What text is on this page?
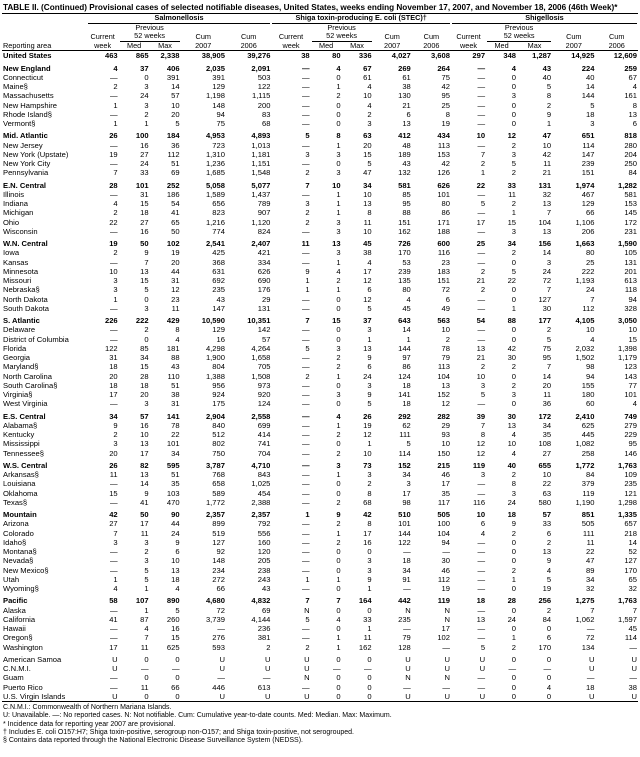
TABLE II. (Continued) Provisional cases of selected notifiable diseases, United States, weeks ending November 17, 2007, and November 18, 2006 (46th Week)*

	Salmonellosis					Shiga toxin-producing E. coli (STEC)†					Shigellosis				

		Previous					Previous					Previous			
	Current	52 weeks		Cum	Cum	Current	52 weeks		Cum	Cum	Current	52 weeks		Cum	Cum
Reporting area	week	Med	Max	2007	2006	week	Med	Max	2007	2006	week	Med	Max	2007	2006
United States	463	865	2,338	38,905	39,276	38	80	336	4,027	3,608	297	348	1,287	14,925	12,609

New England	4	37	406	2,035	2,091	—	4	67	269	264	—	4	43	224	259
Connecticut	—	0	391	391	503	—	0	61	61	75	—	0	40	40	67
Maine§	2	3	14	129	122	—	1	4	38	42	—	0	5	14	4
Massachusetts	—	24	57	1,198	1,115	—	2	10	130	95	—	3	8	144	161
New Hampshire	1	3	10	148	200	—	0	4	21	25	—	0	2	5	8
Rhode Island§	—	2	20	94	83	—	0	2	6	8	—	0	9	18	13
Vermont§	1	1	5	75	68	—	0	3	13	19	—	0	1	3	6

Mid. Atlantic	26	100	184	4,953	4,893	5	8	63	412	434	10	12	47	651	818
New Jersey	—	16	36	723	1,013	—	1	20	48	113	—	2	10	114	280
New York (Upstate)	19	27	112	1,310	1,181	3	3	15	189	153	7	3	42	147	204
New York City	—	24	51	1,236	1,151	—	0	5	43	42	2	5	11	239	250
Pennsylvania	7	33	69	1,685	1,548	2	3	47	132	126	1	2	21	151	84

E.N. Central	28	101	252	5,058	5,077	7	10	34	581	626	22	33	131	1,974	1,282
Illinois	—	31	186	1,589	1,437	—	1	10	85	101	—	11	32	467	581
Indiana	4	15	54	656	789	3	1	13	95	80	5	2	13	129	153
Michigan	2	18	41	823	907	2	1	8	88	86	—	1	7	66	145
Ohio	22	27	65	1,216	1,120	2	3	11	151	171	17	15	104	1,106	172
Wisconsin	—	16	50	774	824	—	3	10	162	188	—	3	13	206	231

W.N. Central	19	50	102	2,541	2,407	11	13	45	726	600	25	34	156	1,663	1,590
Iowa	2	9	19	425	421	—	3	38	170	116	—	2	14	80	105
Kansas	—	7	20	368	334	—	1	4	53	23	—	0	3	25	131
Minnesota	10	13	44	631	626	9	4	17	239	183	2	5	24	222	201
Missouri	3	15	31	692	690	1	2	12	135	151	21	22	72	1,193	613
Nebraska§	3	5	12	235	176	1	1	6	80	72	2	0	7	24	118
North Dakota	1	0	23	43	29	—	0	12	4	6	—	0	127	7	94
South Dakota	—	3	11	147	131	—	0	5	45	49	—	1	30	112	328

S. Atlantic	226	222	429	10,590	10,351	7	15	37	643	563	54	88	177	4,105	3,050
Delaware	—	2	8	129	142	—	0	3	14	10	—	0	2	10	10
District of Columbia	—	0	4	16	57	—	0	1	1	2	—	0	5	4	15
Florida	122	85	181	4,298	4,264	5	3	13	144	78	13	42	75	2,032	1,398
Georgia	31	34	88	1,900	1,658	—	2	9	97	79	21	30	95	1,502	1,179
Maryland§	18	15	43	804	705	—	2	6	86	113	2	2	7	98	123
North Carolina	20	28	110	1,388	1,508	2	1	24	124	104	10	0	14	94	143
South Carolina§	18	18	51	956	973	—	0	3	18	13	3	2	20	155	77
Virginia§	17	20	38	924	920	—	3	9	141	152	5	3	11	180	101
West Virginia	—	3	31	175	124	—	0	5	18	12	—	0	36	60	4

E.S. Central	34	57	141	2,904	2,558	—	4	26	292	282	39	30	172	2,410	749
Alabama§	9	16	78	840	699	—	1	19	62	29	7	13	34	625	279
Kentucky	2	10	22	512	414	—	2	12	111	93	8	4	35	445	229
Mississippi	3	13	101	802	741	—	0	1	5	10	12	10	108	1,082	95
Tennessee§	20	17	34	750	704	—	2	10	114	150	12	4	27	258	146

W.S. Central	26	82	595	3,787	4,710	—	3	73	152	215	119	40	655	1,772	1,763
Arkansas§	11	13	51	768	843	—	1	3	34	46	3	2	10	84	109
Louisiana	—	14	35	658	1,025	—	0	2	3	17	—	8	22	379	235
Oklahoma	15	9	103	589	454	—	0	8	17	35	—	3	63	119	121
Texas§	—	41	470	1,772	2,388	—	2	68	98	117	116	24	580	1,190	1,298

Mountain	42	50	90	2,357	2,357	1	9	42	510	505	10	18	57	851	1,335
Arizona	27	17	44	899	792	—	2	8	101	100	6	9	33	505	657
Colorado	7	11	24	519	556	—	1	17	144	104	4	2	6	111	218
Idaho§	3	3	9	127	160	—	2	16	122	94	—	0	2	11	14
Montana§	—	2	6	92	120	—	0	0	—	—	—	0	13	22	52
Nevada§	—	3	10	148	205	—	0	3	18	30	—	0	9	47	127
New Mexico§	—	5	13	234	238	—	0	3	34	46	—	2	4	89	170
Utah	1	5	18	272	243	1	1	9	91	112	—	1	5	34	65
Wyoming§	4	1	4	66	43	—	0	1	—	19	—	0	19	32	32

Pacific	58	107	890	4,680	4,832	7	7	164	442	119	18	28	256	1,275	1,763
Alaska	—	1	5	72	69	N	0	0	N	N	—	0	2	7	7
California	41	87	260	3,739	4,144	5	4	33	235	N	13	24	84	1,062	1,597
Hawaii	—	4	16	—	236	—	0	1	—	17	—	0	0	—	45
Oregon§	—	7	15	276	381	—	1	11	79	102	—	1	6	72	114
Washington	17	11	625	593	2	2	1	162	128	—	5	2	170	134	—

American Samoa	U	0	0	U	U	U	0	0	U	U	U	0	0	U	U
C.N.M.I.	U	—	—	U	U	U	—	—	U	U	U	—	—	U	U
Guam	—	0	0	—	—	N	0	0	N	N	—	0	0	—	—
Puerto Rico	—	11	66	446	613	—	0	0	—	—	—	0	4	18	38
U.S. Virgin Islands	U	0	0	U	U	U	0	0	U	U	U	0	0	U	U
C.N.M.I.: Commonwealth of Northern Mariana Islands.
U: Unavailable. —: No reported cases. N: Not notifiable. Cum: Cumulative year-to-date counts. Med: Median. Max: Maximum.
* Incidence data for reporting year 2007 are provisional.
† Includes E. coli O157:H7; Shiga toxin-positive, serogroup non-O157; and Shiga toxin-positive, not serogrouped.
§ Contains data reported through the National Electronic Disease Surveillance System (NEDSS).
